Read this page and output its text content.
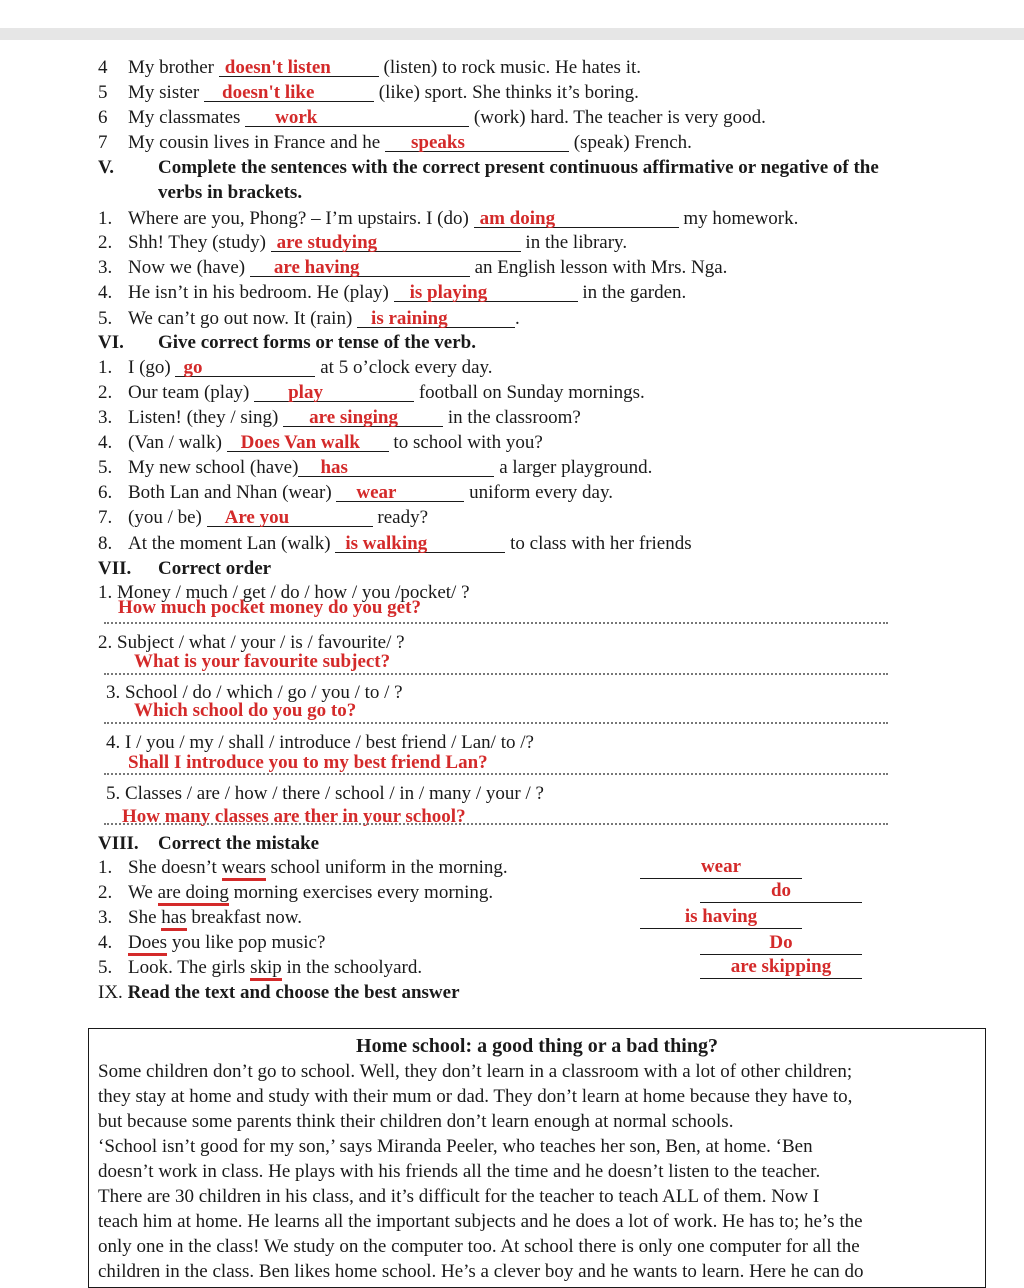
4 My brother doesn't listen	(listen) to rock music. He hates it.
5 My sister doesn't like	(like) sport. She thinks it’s boring.
6 My classmates work	(work) hard. The teacher is very good.
7 My cousin lives in France and he speaks	(speak) French.
V. Complete the sentences with the correct present continuous affirmative or negative of the
verbs in brackets.
1. Where are you, Phong? – I’m upstairs. I (do) am doing	my homework.
2. Shh! They (study) are studying	in the library.
3. Now we (have) are having	an English lesson with Mrs. Nga.
4. He isn’t in his bedroom. He (play) is playing	in the garden.
5. We can’t go out now. It (rain) is raining	.
VI. Give correct forms or tense of the verb.
1. I (go) go	at 5 o’clock every day.
2. Our team (play) play	football on Sunday mornings.
3. Listen! (they / sing) are singing	in the classroom?
4. (Van / walk) Does Van walk to school with you?
5. My new school (have) has	a larger playground.
6. Both Lan and Nhan (wear) wear	uniform every day.
7. (you / be) Are you	ready?
8. At the moment Lan (walk) is walking	to class with her friends
VII. Correct order
1. Money / much / get / do / how / you /pocket/ ?
How much pocket money do you get?
2. Subject / what / your / is / favourite/ ?
What is your favourite subject?
3. School / do / which / go / you / to / ?
Which school do you go to?
4. I / you / my / shall / introduce / best friend / Lan/ to /?
Shall I introduce you to my best friend Lan?
5. Classes / are / how / there / school / in / many / your / ?
How many classes are ther in your school?
VIII. Correct the mistake
1. She doesn’t wears school uniform in the morning.	wear
2. We are doing morning exercises every morning.	do
3. She has breakfast now.	is having
4. Does you like pop music?	Do
5. Look. The girls skip in the schoolyard.	are skipping
IX. Read the text and choose the best answer
Home school: a good thing or a bad thing?
Some children don’t go to school. Well, they don’t learn in a classroom with a lot of other children;
they stay at home and study with their mum or dad. They don’t learn at home because they have to,
but because some parents think their children don’t learn enough at normal schools.
‘School isn’t good for my son,’ says Miranda Peeler, who teaches her son, Ben, at home. ‘Ben
doesn’t work in class. He plays with his friends all the time and he doesn’t listen to the teacher.
There are 30 children in his class, and it’s difficult for the teacher to teach ALL of them. Now I
teach him at home. He learns all the important subjects and he does a lot of work. He has to; he’s the
only one in the class! We study on the computer too. At school there is only one computer for all the
children in the class. Ben likes home school. He’s a clever boy and he wants to learn. Here he can do
